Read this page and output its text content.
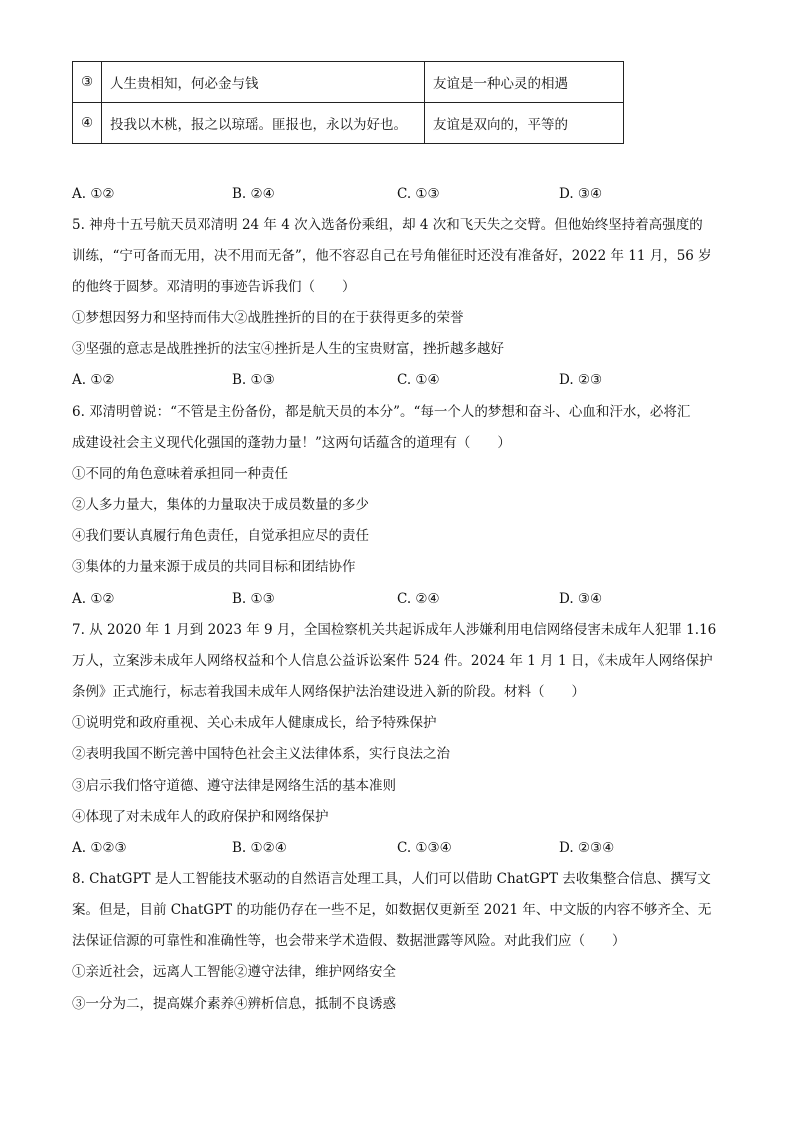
③	人生贵相知，何必金与钱	友谊是一种心灵的相遇
④	投我以木桃，报之以琼瑶。匪报也，永以为好也。	友谊是双向的，平等的
A. ①②	B. ②④	C. ①③	D. ③④
5. 神舟十五号航天员邓清明 24 年 4 次入选备份乘组，却 4 次和飞天失之交臂。但他始终坚持着高强度的
训练，“宁可备而无用，决不用而无备”，他不容忍自己在号角催征时还没有准备好，2022 年 11 月，56 岁
的他终于圆梦。邓清明的事迹告诉我们（　　）
①梦想因努力和坚持而伟大②战胜挫折的目的在于获得更多的荣誉
③坚强的意志是战胜挫折的法宝④挫折是人生的宝贵财富，挫折越多越好
A. ①②	B. ①③	C. ①④	D. ②③
6. 邓清明曾说：“不管是主份备份，都是航天员的本分”。“每一个人的梦想和奋斗、心血和汗水，必将汇
成建设社会主义现代化强国的蓬勃力量！”这两句话蕴含的道理有（　　）
①不同的角色意味着承担同一种责任
②人多力量大，集体的力量取决于成员数量的多少
④我们要认真履行角色责任，自觉承担应尽的责任
③集体的力量来源于成员的共同目标和团结协作
A. ①②	B. ①③	C. ②④	D. ③④
7. 从 2020 年 1 月到 2023 年 9 月，全国检察机关共起诉成年人涉嫌利用电信网络侵害未成年人犯罪 1.16
万人，立案涉未成年人网络权益和个人信息公益诉讼案件 524 件。2024 年 1 月 1 日，《未成年人网络保护
条例》正式施行，标志着我国未成年人网络保护法治建设进入新的阶段。材料（　　）
①说明党和政府重视、关心未成年人健康成长，给予特殊保护
②表明我国不断完善中国特色社会主义法律体系，实行良法之治
③启示我们恪守道德、遵守法律是网络生活的基本准则
④体现了对未成年人的政府保护和网络保护
A. ①②③	B. ①②④	C. ①③④	D. ②③④
8. ChatGPT 是人工智能技术驱动的自然语言处理工具，人们可以借助 ChatGPT 去收集整合信息、撰写文
案。但是，目前 ChatGPT 的功能仍存在一些不足，如数据仅更新至 2021 年、中文版的内容不够齐全、无
法保证信源的可靠性和准确性等，也会带来学术造假、数据泄露等风险。对此我们应（　　）
①亲近社会，远离人工智能②遵守法律，维护网络安全
③一分为二，提高媒介素养④辨析信息，抵制不良诱惑
